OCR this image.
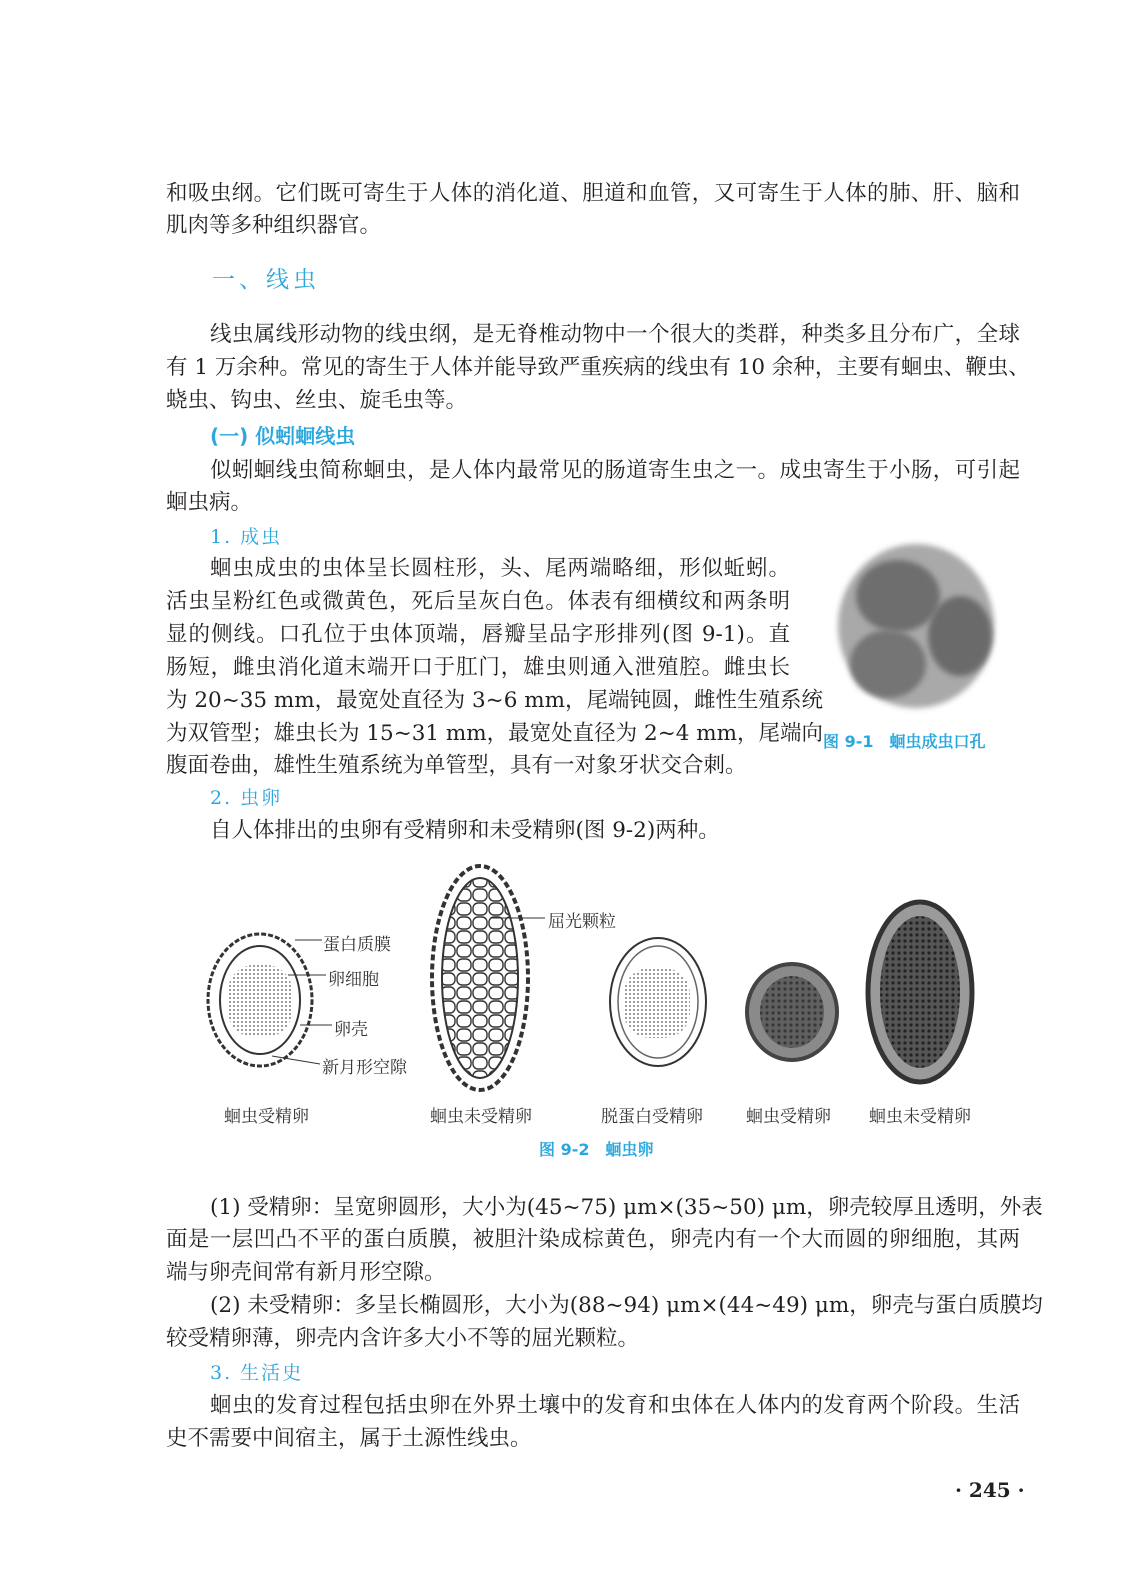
和吸虫纲。它们既可寄生于人体的消化道、胆道和血管，又可寄生于人体的肺、肝、脑和
肌肉等多种组织器官。
一、线虫
线虫属线形动物的线虫纲，是无脊椎动物中一个很大的类群，种类多且分布广，全球
有 1 万余种。常见的寄生于人体并能导致严重疾病的线虫有 10 余种，主要有蛔虫、鞭虫、
蛲虫、钩虫、丝虫、旋毛虫等。
(一) 似蚓蛔线虫
似蚓蛔线虫简称蛔虫，是人体内最常见的肠道寄生虫之一。成虫寄生于小肠，可引起
蛔虫病。
1. 成虫
蛔虫成虫的虫体呈长圆柱形，头、尾两端略细，形似蚯蚓。
活虫呈粉红色或微黄色，死后呈灰白色。体表有细横纹和两条明
显的侧线。口孔位于虫体顶端，唇瓣呈品字形排列(图 9-1)。直
肠短，雌虫消化道末端开口于肛门，雄虫则通入泄殖腔。雌虫长
为 20~35 mm，最宽处直径为 3~6 mm，尾端钝圆，雌性生殖系统
为双管型；雄虫长为 15~31 mm，最宽处直径为 2~4 mm，尾端向
腹面卷曲，雄性生殖系统为单管型，具有一对象牙状交合刺。
图 9-1　蛔虫成虫口孔
2. 虫卵
自人体排出的虫卵有受精卵和未受精卵(图 9-2)两种。
蛋白质膜
卵细胞
卵壳
新月形空隙
屈光颗粒
蛔虫受精卵	蛔虫未受精卵	脱蛋白受精卵	蛔虫受精卵 蛔虫未受精卵
图 9-2　蛔虫卵
(1) 受精卵：呈宽卵圆形，大小为(45~75) μm×(35~50) μm，卵壳较厚且透明，外表
面是一层凹凸不平的蛋白质膜，被胆汁染成棕黄色，卵壳内有一个大而圆的卵细胞，其两
端与卵壳间常有新月形空隙。
(2) 未受精卵：多呈长椭圆形，大小为(88~94) μm×(44~49) μm，卵壳与蛋白质膜均
较受精卵薄，卵壳内含许多大小不等的屈光颗粒。
3. 生活史
蛔虫的发育过程包括虫卵在外界土壤中的发育和虫体在人体内的发育两个阶段。生活
史不需要中间宿主，属于土源性线虫。
· 245 ·
